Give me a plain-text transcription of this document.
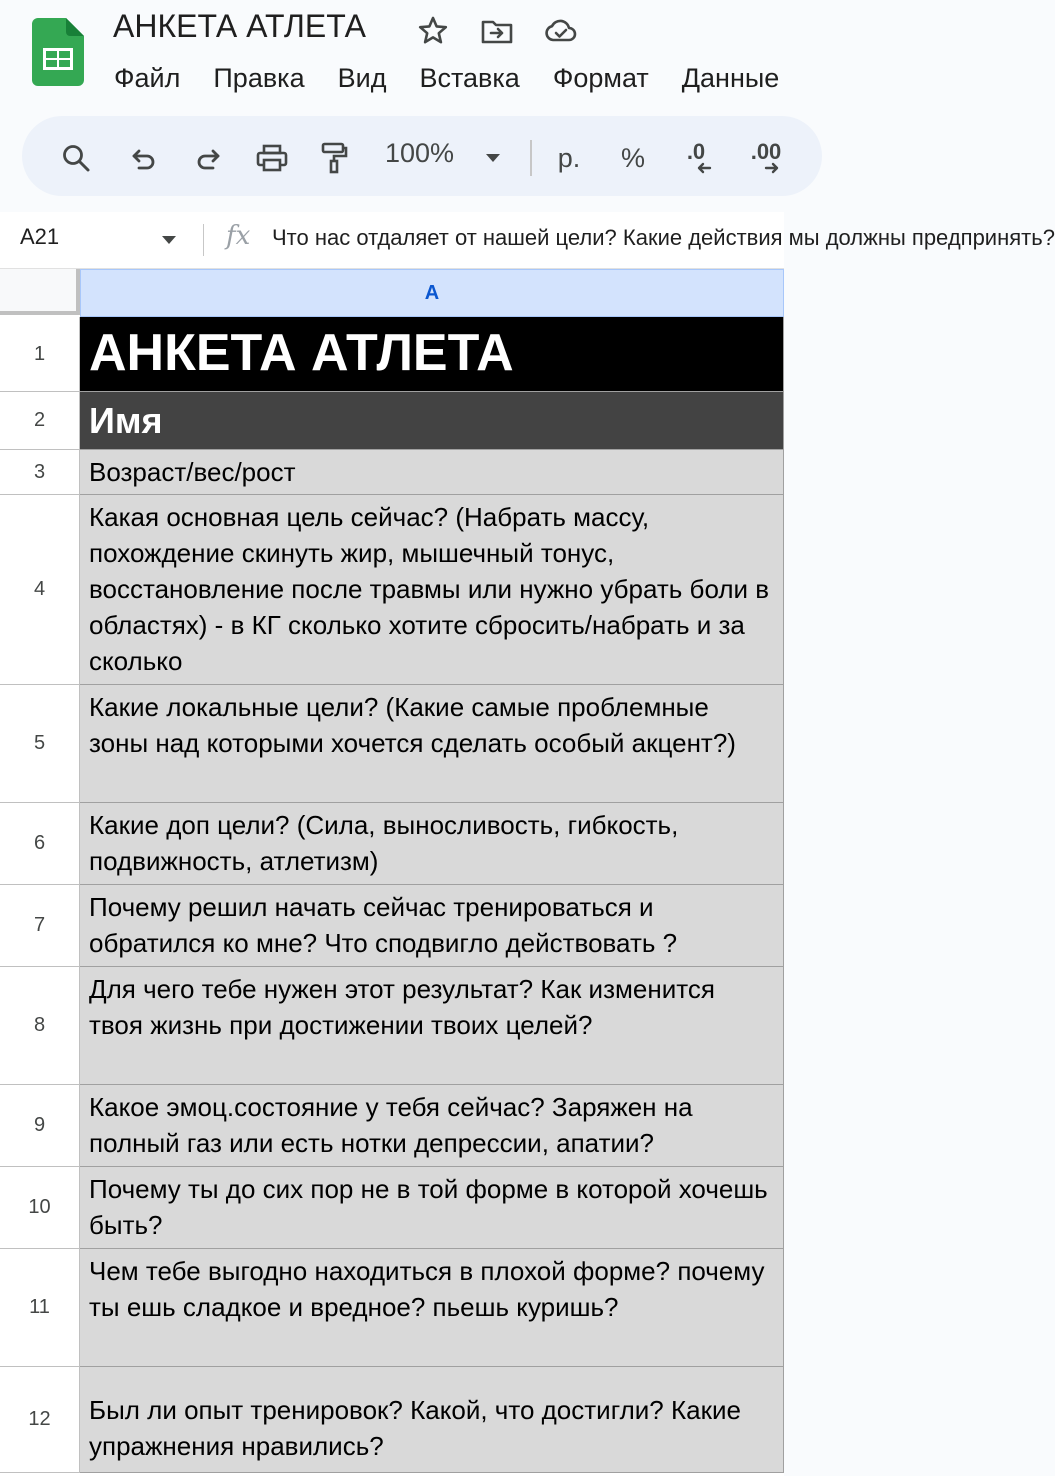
АНКЕТА АТЛЕТА
Файл Правка Вид Вставка Формат Данные
100%	р. % .0 .00
A21	fx Что нас отдаляет от нашей цели? Какие действия мы должны предпринять?
A
1 АНКЕТА АТЛЕТА
2	Имя
3	Возраст/вес/рост
4
Какая основная цель сейчас? (Набрать массу, похождение скинуть жир, мышечный тонус, восстановление после травмы или нужно убрать боли в областях) - в КГ сколько хотите сбросить/набрать и за сколько
5
Какие локальные цели? (Какие самые проблемные зоны над которыми хочется сделать особый акцент?)
6
Какие доп цели? (Сила, выносливость, гибкость, подвижность, атлетизм)
7
Почему решил начать сейчас тренироваться и обратился ко мне? Что сподвигло действовать ?
8
Для чего тебе нужен этот результат? Как изменится твоя жизнь при достижении твоих целей?
9
Какое эмоц.состояние у тебя сейчас? Заряжен на полный газ или есть нотки депрессии, апатии?
10
Почему ты до сих пор не в той форме в которой хочешь быть?
11
Чем тебе выгодно находиться в плохой форме? почему ты ешь сладкое и вредное? пьешь куришь?
12	Был ли опыт тренировок? Какой, что достигли? Какие упражнения нравились?
